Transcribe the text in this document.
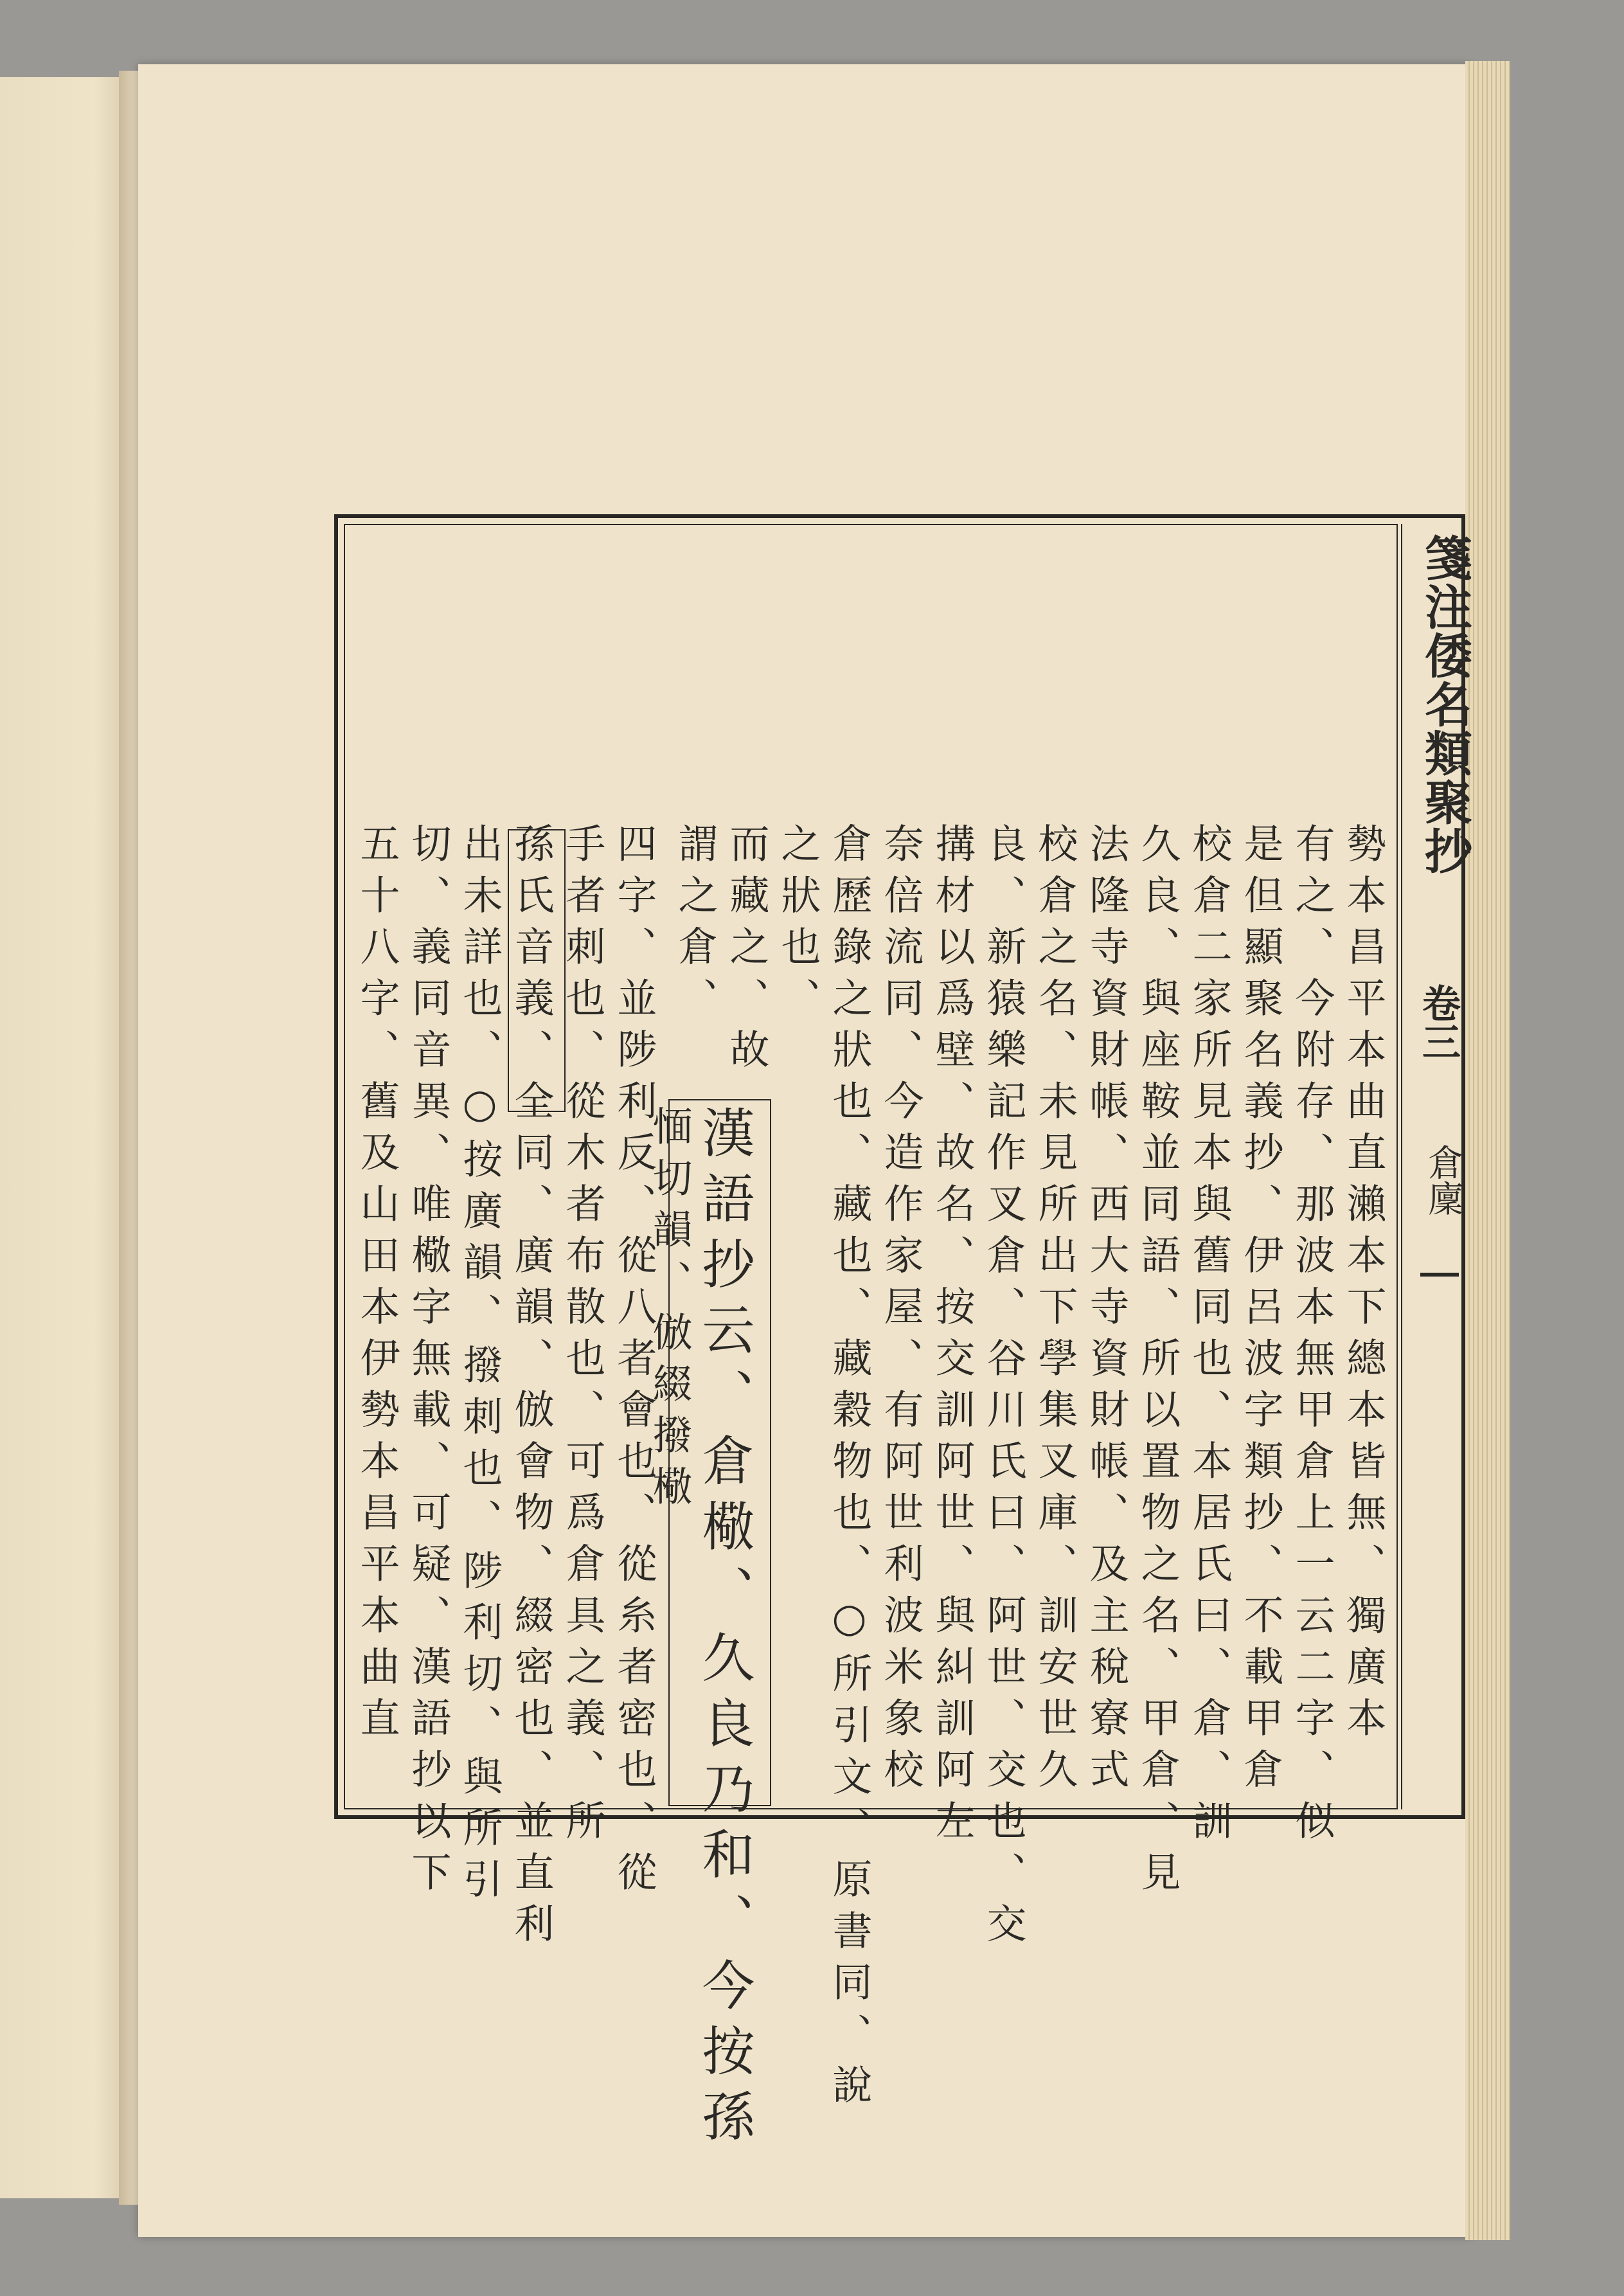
箋注倭名類聚抄
卷三
倉廩
勢本昌平本曲直瀨本下總本皆無、獨廣本
有之、今附存、那波本無甲倉上一云二字、似
是但顯聚名義抄、伊呂波字類抄、不載甲倉
校倉二家所見本與舊同也、本居氏曰、倉、訓
久良、與座鞍並同語、所以置物之名、甲倉、見
法隆寺資財帳、西大寺資財帳、及主稅寮式
校倉之名、未見所出下學集叉庫、訓安世久
良、新猿樂記作叉倉、谷川氏曰、阿世、交也、交
搆材以爲壁、故名、按交訓阿世、與糾訓阿左
奈倍流同、今造作家屋、有阿世利波米象校
倉歷錄之狀也、藏也、藏穀物也、○所引文、原書同、說
之狀也、
而藏之、故
謂之倉、
漢語抄云、倉㯳、久良乃和、今按孫
愐切韻、倣綴撥㯳
四字、並陟利反、從八者會也、從糸者密也、從
手者刺也、從木者布散也、可爲倉具之義、所
孫氏音義、全同、廣韻、倣會物、綴密也、並直利
出未詳也、○按廣韻、撥刺也、陟利切、與所引
切、義同音異、唯㯳字無載、可疑、漢語抄以下
五十八字、舊及山田本伊勢本昌平本曲直
